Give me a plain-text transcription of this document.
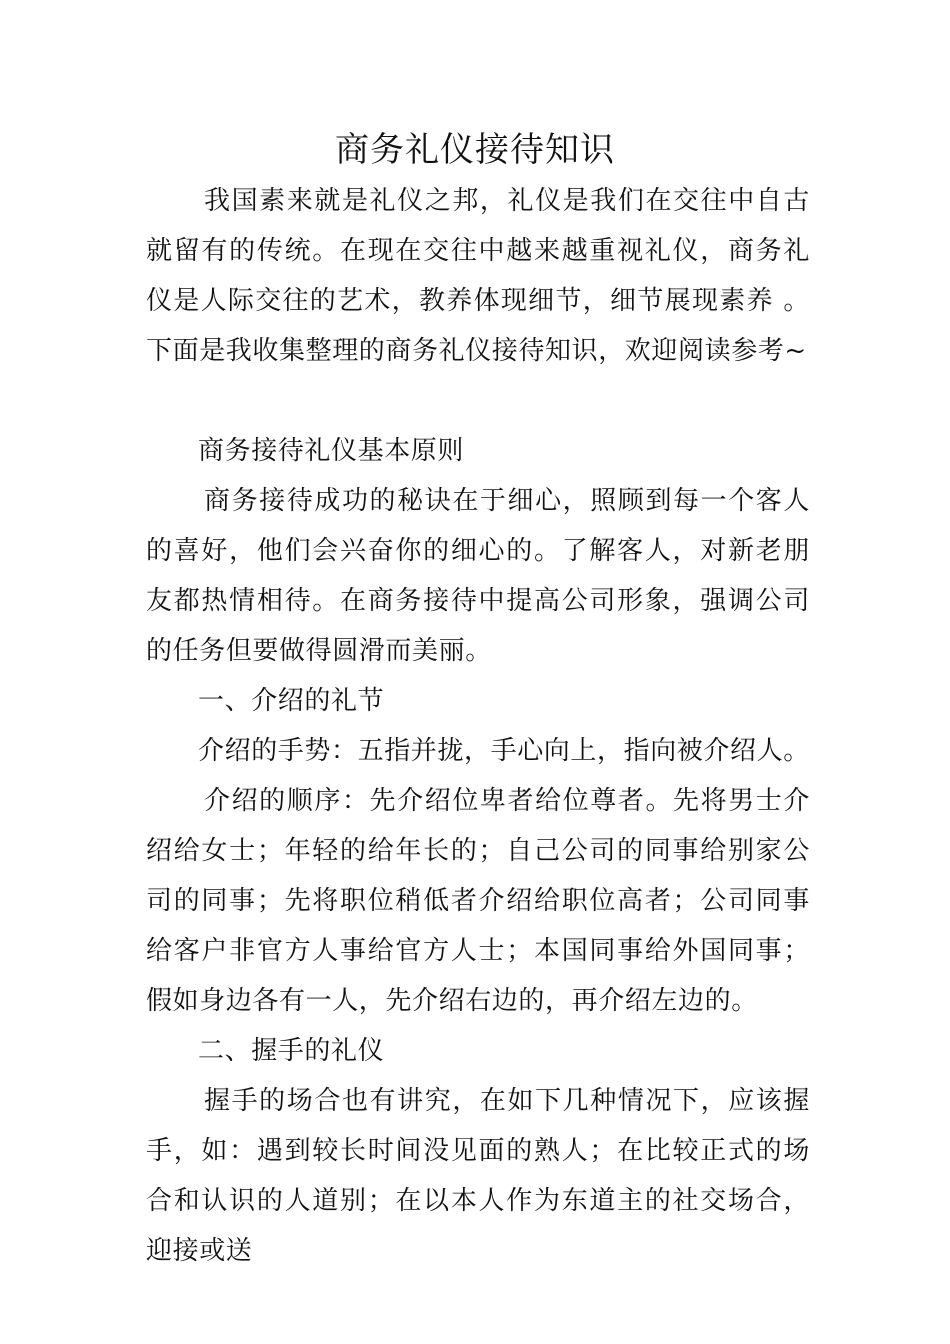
商务礼仪接待知识

我国素来就是礼仪之邦，礼仪是我们在交往中自古就留有的传统。在现在交往中越来越重视礼仪，商务礼仪是人际交往的艺术，教养体现细节，细节展现素养 。下面是我收集整理的商务礼仪接待知识，欢迎阅读参考~

商务接待礼仪基本原则

商务接待成功的秘诀在于细心，照顾到每一个客人的喜好，他们会兴奋你的细心的。了解客人，对新老朋友都热情相待。在商务接待中提高公司形象，强调公司的任务但要做得圆滑而美丽。

一、介绍的礼节

介绍的手势：五指并拢，手心向上，指向被介绍人。

介绍的顺序：先介绍位卑者给位尊者。先将男士介绍给女士；年轻的给年长的；自己公司的同事给别家公司的同事；先将职位稍低者介绍给职位高者；公司同事给客户非官方人事给官方人士；本国同事给外国同事；假如身边各有一人，先介绍右边的，再介绍左边的。

二、握手的礼仪

握手的场合也有讲究，在如下几种情况下，应该握手，如：遇到较长时间没见面的熟人；在比较正式的场合和认识的人道别；在以本人作为东道主的社交场合，迎接或送
